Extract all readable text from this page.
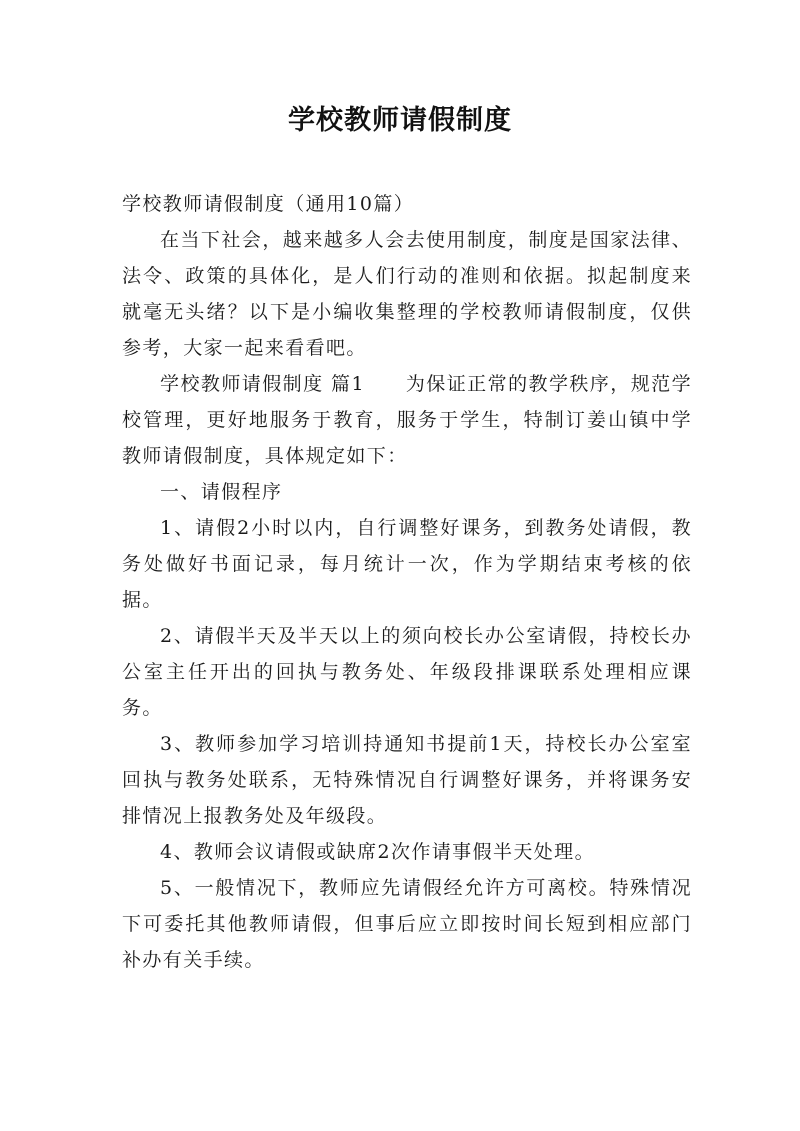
学校教师请假制度

学校教师请假制度（通用10篇）

在当下社会，越来越多人会去使用制度，制度是国家法律、法令、政策的具体化，是人们行动的准则和依据。拟起制度来就毫无头绪？以下是小编收集整理的学校教师请假制度，仅供参考，大家一起来看看吧。

学校教师请假制度 篇1　　为保证正常的教学秩序，规范学校管理，更好地服务于教育，服务于学生，特制订姜山镇中学教师请假制度，具体规定如下：

一、请假程序

1、请假2小时以内，自行调整好课务，到教务处请假，教务处做好书面记录，每月统计一次，作为学期结束考核的依据。

2、请假半天及半天以上的须向校长办公室请假，持校长办公室主任开出的回执与教务处、年级段排课联系处理相应课务。

3、教师参加学习培训持通知书提前1天，持校长办公室室回执与教务处联系，无特殊情况自行调整好课务，并将课务安排情况上报教务处及年级段。

4、教师会议请假或缺席2次作请事假半天处理。

5、一般情况下，教师应先请假经允许方可离校。特殊情况下可委托其他教师请假，但事后应立即按时间长短到相应部门补办有关手续。
